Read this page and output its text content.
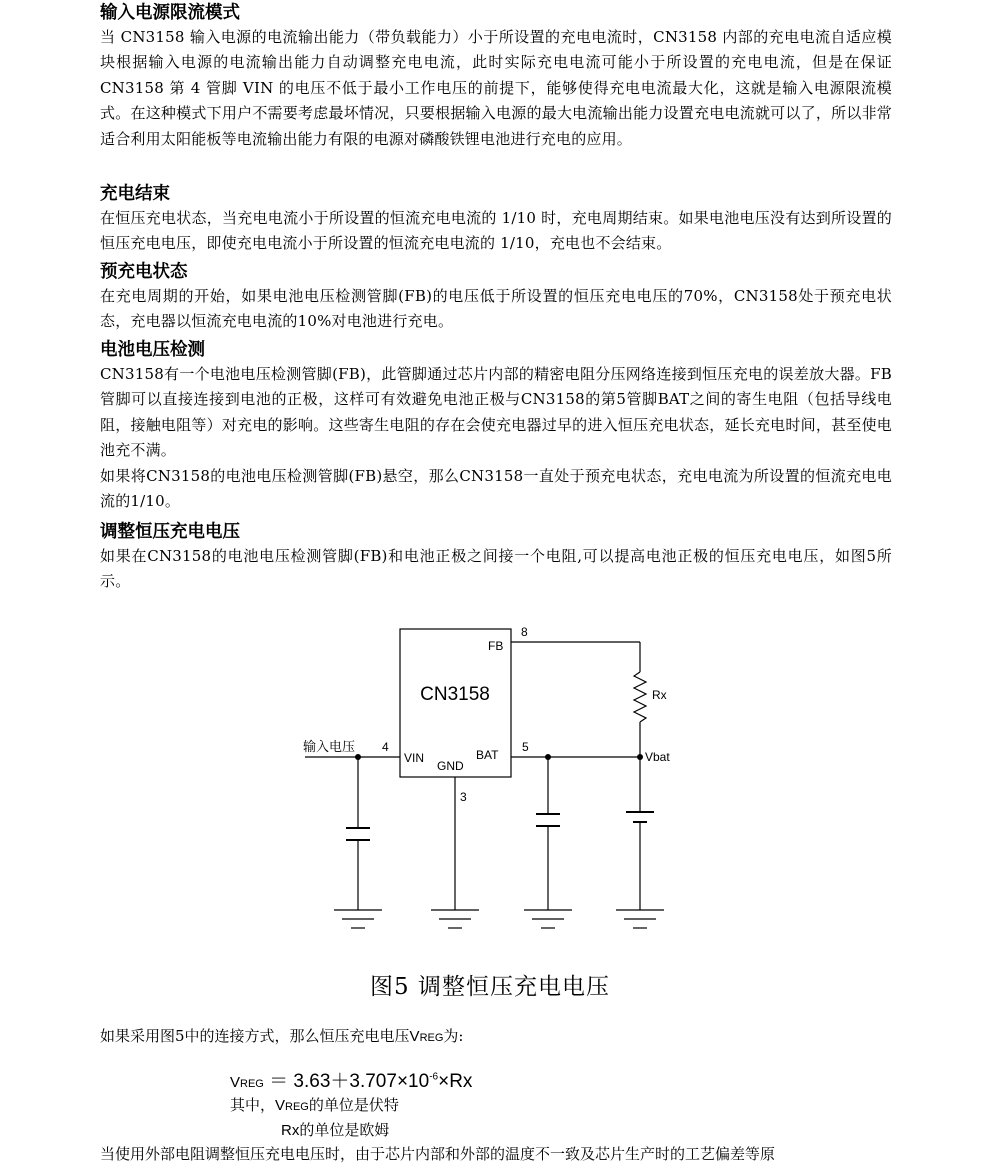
输入电源限流模式

当 CN3158 输入电源的电流输出能力（带负载能力）小于所设置的充电电流时，CN3158 内部的充电电流自适应模块根据输入电源的电流输出能力自动调整充电电流，此时实际充电电流可能小于所设置的充电电流，但是在保证 CN3158 第 4 管脚 VIN 的电压不低于最小工作电压的前提下，能够使得充电电流最大化，这就是输入电源限流模式。在这种模式下用户不需要考虑最坏情况，只要根据输入电源的最大电流输出能力设置充电电流就可以了，所以非常适合利用太阳能板等电流输出能力有限的电源对磷酸铁锂电池进行充电的应用。

充电结束

在恒压充电状态，当充电电流小于所设置的恒流充电电流的 1/10 时，充电周期结束。如果电池电压没有达到所设置的恒压充电电压，即使充电电流小于所设置的恒流充电电流的 1/10，充电也不会结束。

预充电状态

在充电周期的开始，如果电池电压检测管脚(FB)的电压低于所设置的恒压充电电压的70%，CN3158处于预充电状态，充电器以恒流充电电流的10%对电池进行充电。

电池电压检测

CN3158有一个电池电压检测管脚(FB)，此管脚通过芯片内部的精密电阻分压网络连接到恒压充电的误差放大器。FB管脚可以直接连接到电池的正极，这样可有效避免电池正极与CN3158的第5管脚BAT之间的寄生电阻（包括导线电阻，接触电阻等）对充电的影响。这些寄生电阻的存在会使充电器过早的进入恒压充电状态，延长充电时间，甚至使电池充不满。

如果将CN3158的电池电压检测管脚(FB)悬空，那么CN3158一直处于预充电状态，充电电流为所设置的恒流充电电流的1/10。

调整恒压充电电压

如果在CN3158的电池电压检测管脚(FB)和电池正极之间接一个电阻,可以提高电池正极的恒压充电电压，如图5所示。

CN3158
FB
VIN
GND
BAT
8
4	5
3
输入电压
Rx
Vbat
图5 调整恒压充电电压
如果采用图5中的连接方式，那么恒压充电电压VREG为:
VREG ＝ $3.63+3.707\times 10^{-6}\times Rx$
其中，VREG的单位是伏特
Rx的单位是欧姆
当使用外部电阻调整恒压充电电压时，由于芯片内部和外部的温度不一致及芯片生产时的工艺偏差等原
